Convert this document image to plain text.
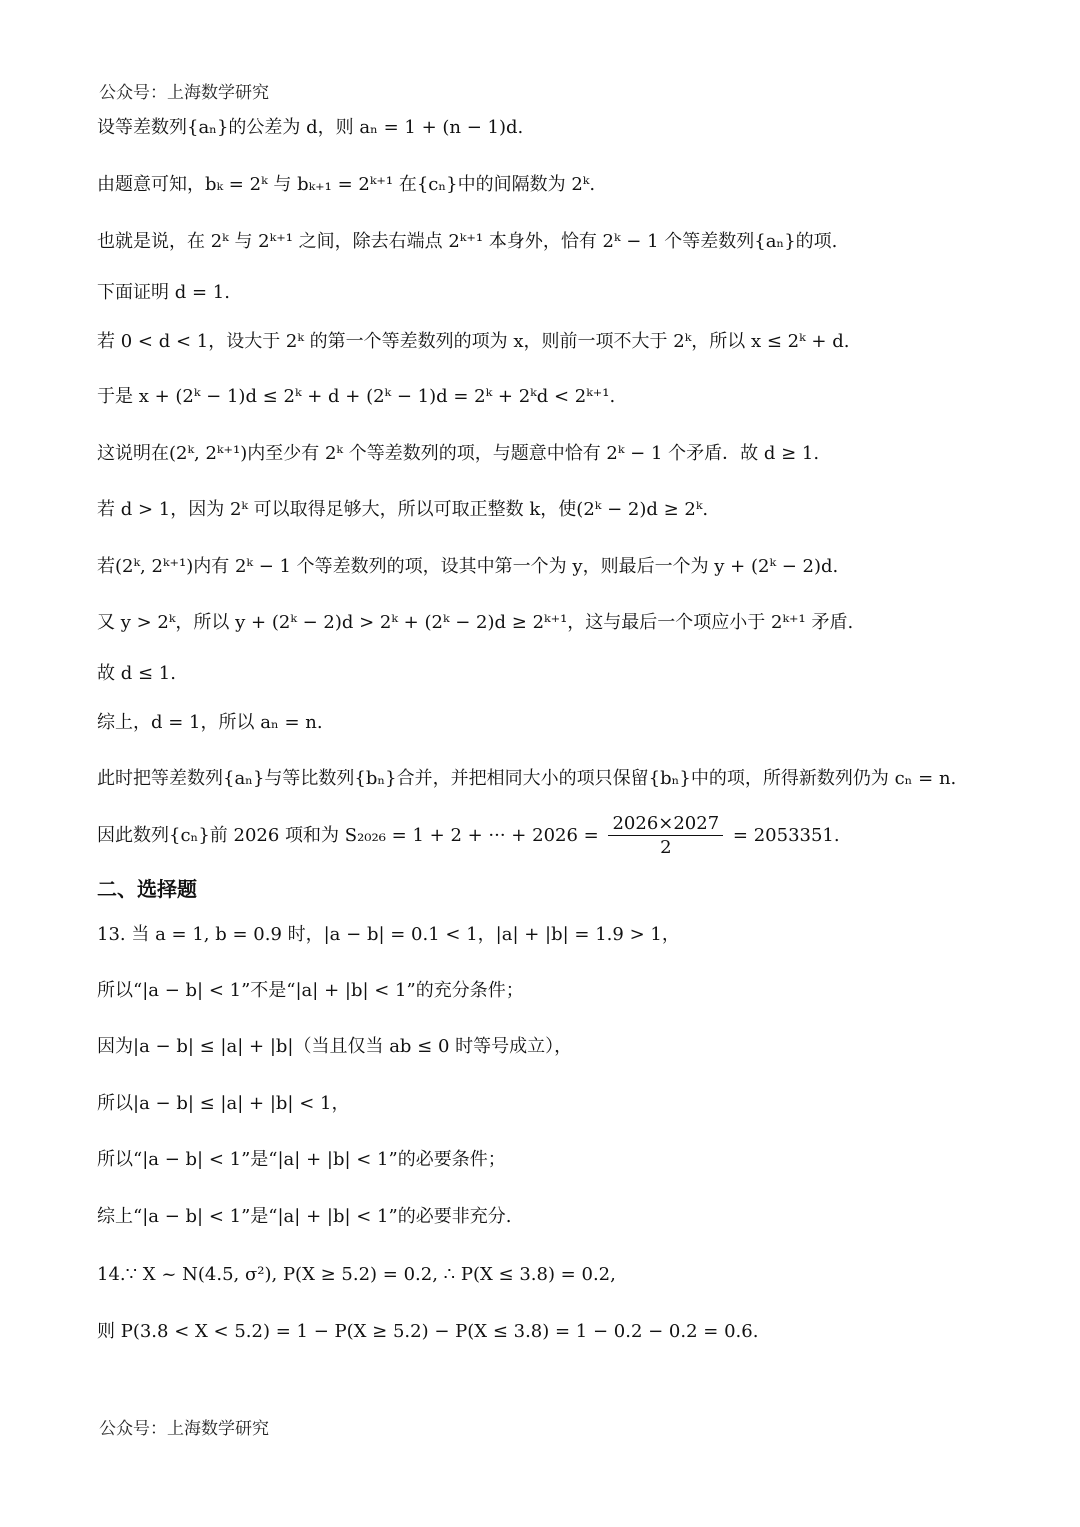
公众号：上海数学研究
设等差数列{aₙ}的公差为 d，则 aₙ = 1 + (n − 1)d.
由题意可知，bₖ = 2ᵏ 与 bₖ₊₁ = 2ᵏ⁺¹ 在{cₙ}中的间隔数为 2ᵏ.
也就是说，在 2ᵏ 与 2ᵏ⁺¹ 之间，除去右端点 2ᵏ⁺¹ 本身外，恰有 2ᵏ − 1 个等差数列{aₙ}的项.
下面证明 d = 1.
若 0 < d < 1，设大于 2ᵏ 的第一个等差数列的项为 x，则前一项不大于 2ᵏ，所以 x ≤ 2ᵏ + d.
于是 x + (2ᵏ − 1)d ≤ 2ᵏ + d + (2ᵏ − 1)d = 2ᵏ + 2ᵏd < 2ᵏ⁺¹.
这说明在(2ᵏ, 2ᵏ⁺¹)内至少有 2ᵏ 个等差数列的项，与题意中恰有 2ᵏ − 1 个矛盾．故 d ≥ 1.
若 d > 1，因为 2ᵏ 可以取得足够大，所以可取正整数 k，使(2ᵏ − 2)d ≥ 2ᵏ.
若(2ᵏ, 2ᵏ⁺¹)内有 2ᵏ − 1 个等差数列的项，设其中第一个为 y，则最后一个为 y + (2ᵏ − 2)d.
又 y > 2ᵏ，所以 y + (2ᵏ − 2)d > 2ᵏ + (2ᵏ − 2)d ≥ 2ᵏ⁺¹，这与最后一个项应小于 2ᵏ⁺¹ 矛盾.
故 d ≤ 1.
综上，d = 1，所以 aₙ = n.
此时把等差数列{aₙ}与等比数列{bₙ}合并，并把相同大小的项只保留{bₙ}中的项，所得新数列仍为 cₙ = n.
因此数列{cₙ}前 2026 项和为 S₂₀₂₆ = 1 + 2 + ··· + $2026 = \frac{2026\times 2027}{2} = 2053351$.
二、选择题
13. 当 a = 1, b = 0.9 时，|a − b| = 0.1 < 1，|a| + |b| = 1.9 > 1，
所以“|a − b| < 1”不是“|a| + |b| < 1”的充分条件；
因为|a − b| ≤ |a| + |b|（当且仅当 ab ≤ 0 时等号成立），
所以|a − b| ≤ |a| + |b| < 1，
所以“|a − b| < 1”是“|a| + |b| < 1”的必要条件；
综上“|a − b| < 1”是“|a| + |b| < 1”的必要非充分.
14.∵ X ~ N(4.5, σ²), P(X ≥ 5.2) = 0.2, ∴ P(X ≤ 3.8) = 0.2,
则 P(3.8 < X < 5.2) = 1 − P(X ≥ 5.2) − P(X ≤ 3.8) = 1 − 0.2 − 0.2 = 0.6.
公众号：上海数学研究
